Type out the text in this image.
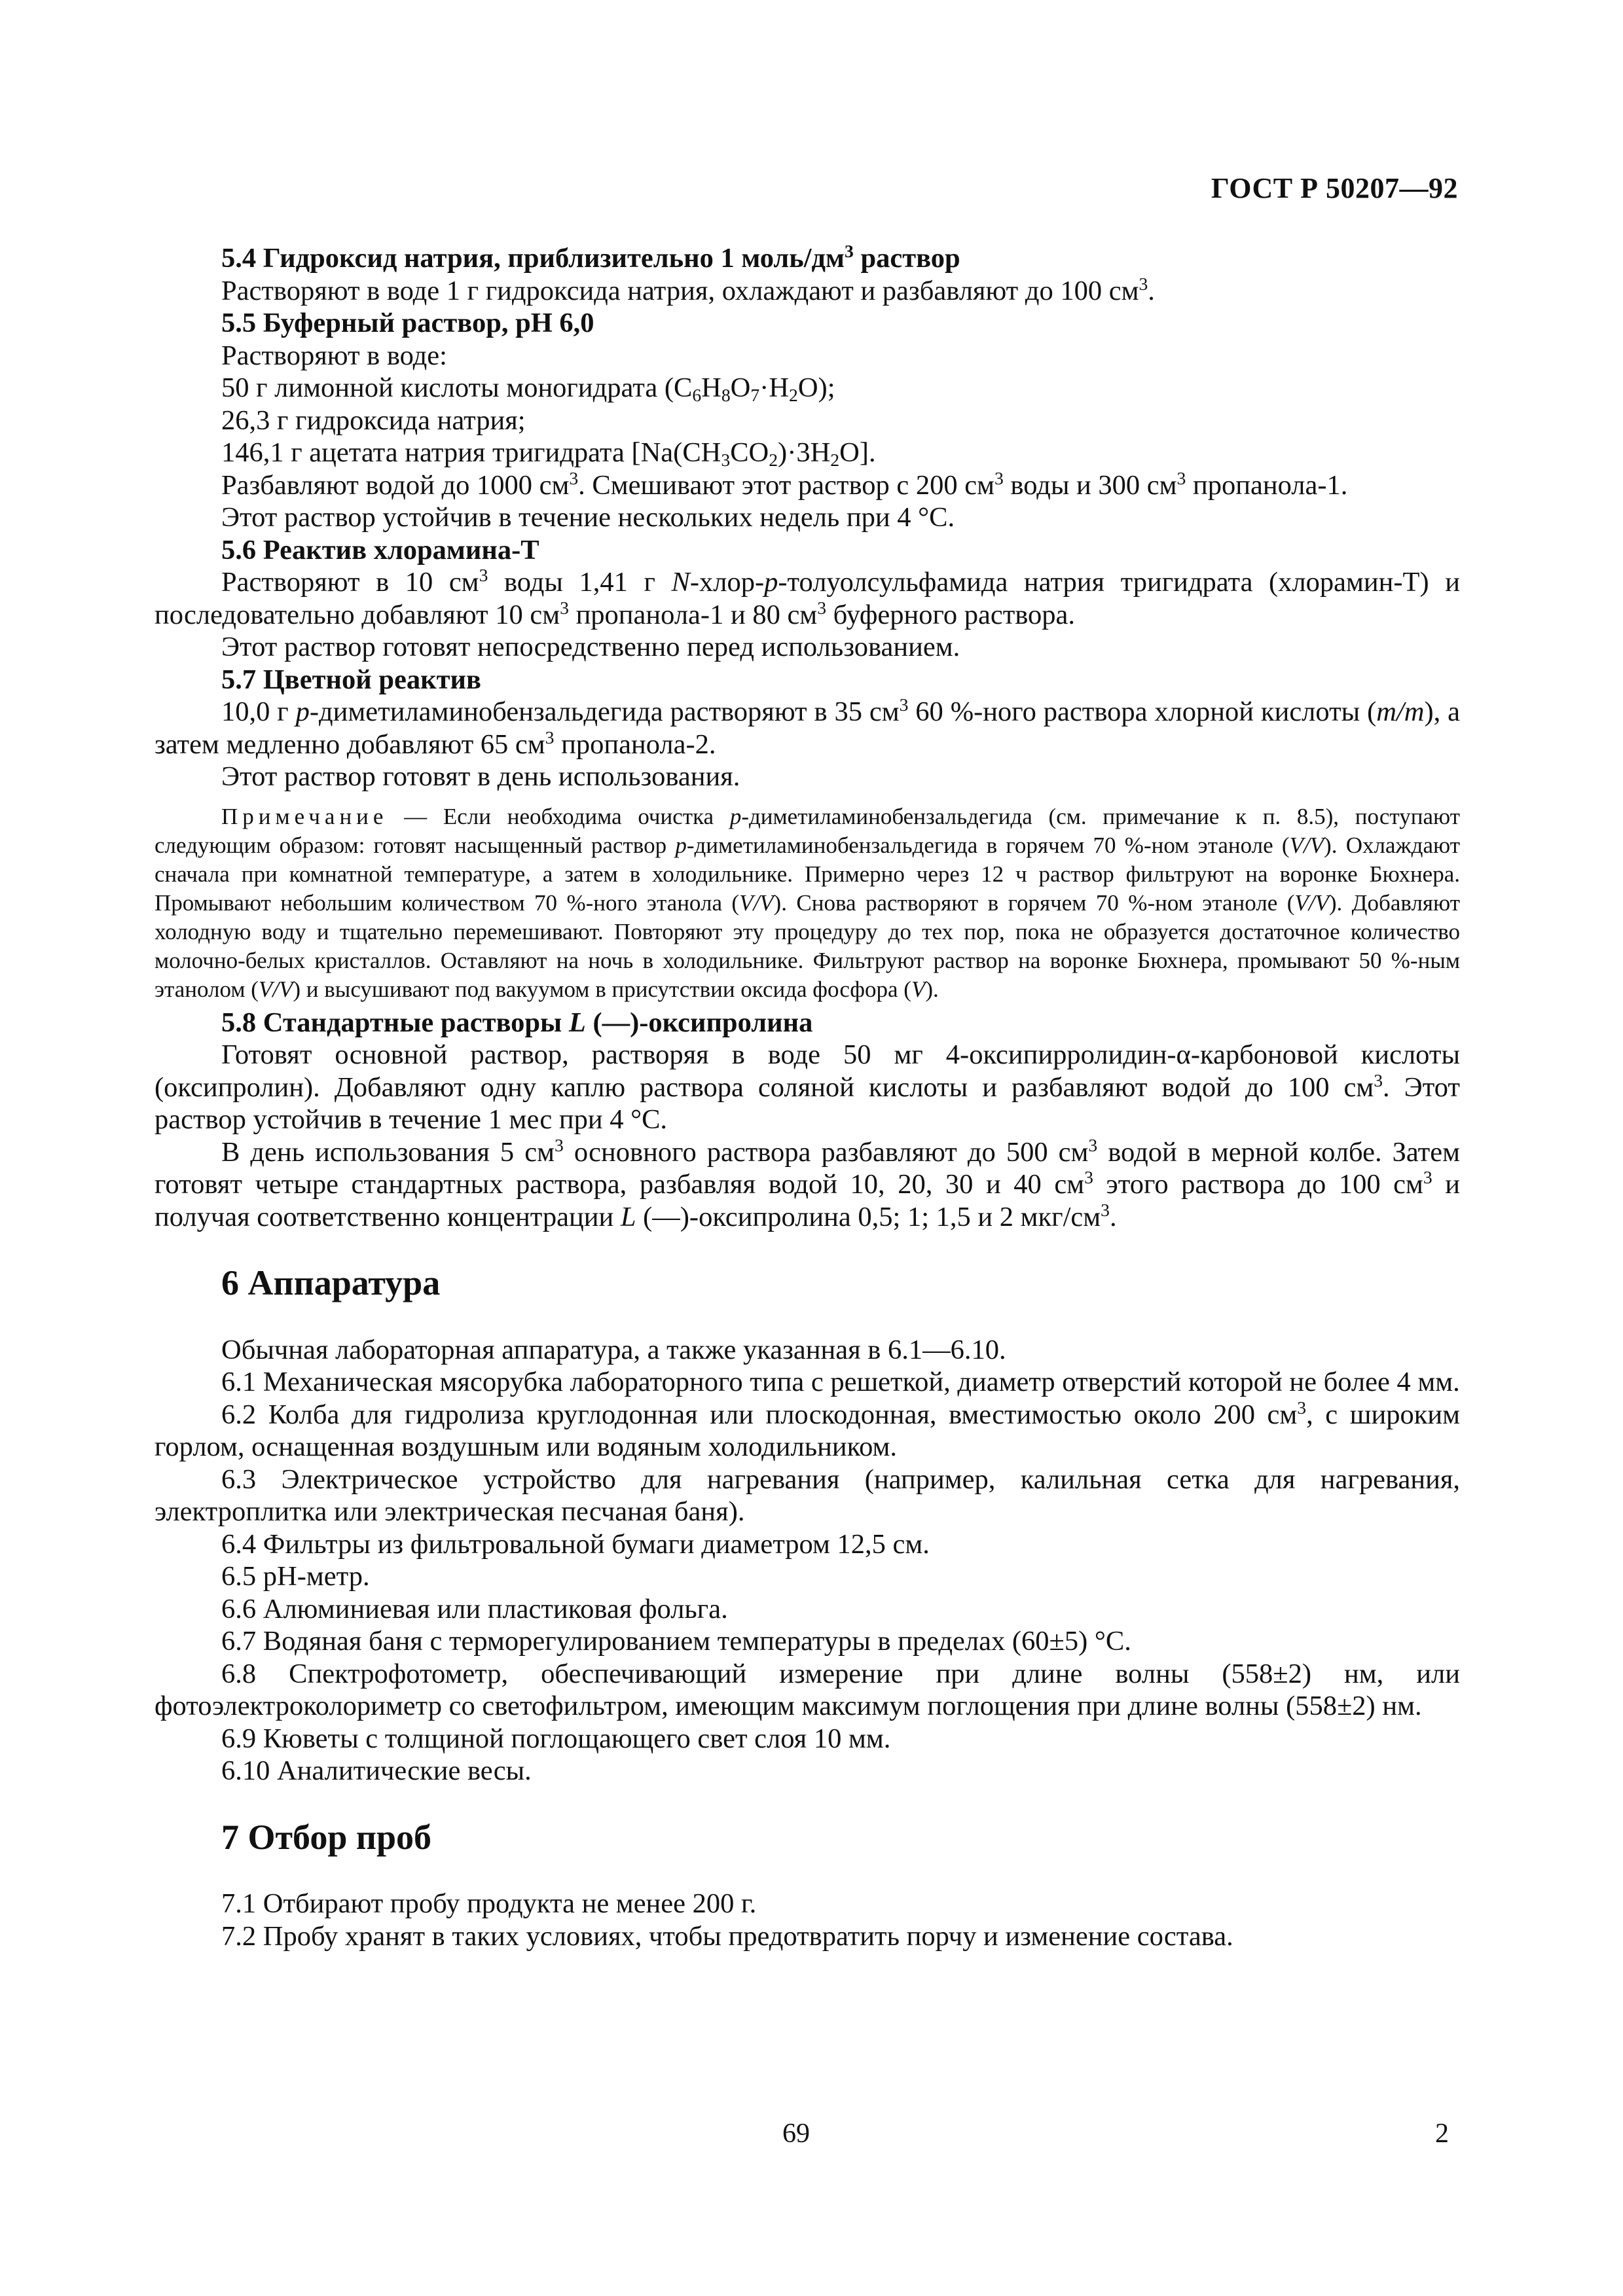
ГОСТ Р 50207—92
5.4 Гидроксид натрия, приблизительно 1 моль/$дм^3$ раствор
Растворяют в воде 1 г гидроксида натрия, охлаждают и разбавляют до 100 $см^3$.
5.5 Буферный раствор, pH 6,0
Растворяют в воде:
50 г лимонной кислоты моногидрата $(C_6H_8O_7\cdot H_2O)$;
26,3 г гидроксида натрия;
146,1 г ацетата натрия тригидрата $[Na(CH_3CO_2)\cdot 3H_2O]$.
Разбавляют водой до 1000 $см^3$. Смешивают этот раствор с 200 $см^3$ воды и 300 $см^3$ пропанола-1.
Этот раствор устойчив в течение нескольких недель при 4 °C.
5.6 Реактив хлорамина-Т
Растворяют в 10 $см^3$ воды 1,41 г N-хлор-p-толуолсульфамида натрия тригидрата (хлорамин-Т) и последовательно добавляют 10 $см^3$ пропанола-1 и 80 $см^3$ буферного раствора.
Этот раствор готовят непосредственно перед использованием.
5.7 Цветной реактив
10,0 г p-диметиламинобензальдегида растворяют в 35 $см^3$ 60 %-ного раствора хлорной кислоты (m/m), а затем медленно добавляют 65 $см^3$ пропанола-2.
Этот раствор готовят в день использования.
Примечание — Если необходима очистка p-диметиламинобензальдегида (см. примечание к п. 8.5), поступают следующим образом: готовят насыщенный раствор p-диметиламинобензальдегида в горячем 70 %-ном этаноле (V/V). Охлаждают сначала при комнатной температуре, а затем в холодильнике. Примерно через 12 ч раствор фильтруют на воронке Бюхнера. Промывают небольшим количеством 70 %-ного этанола (V/V). Снова растворяют в горячем 70 %-ном этаноле (V/V). Добавляют холодную воду и тщательно перемешивают. Повторяют эту процедуру до тех пор, пока не образуется достаточное количество молочно-белых кристаллов. Оставляют на ночь в холодильнике. Фильтруют раствор на воронке Бюхнера, промывают 50 %-ным этанолом (V/V) и высушивают под вакуумом в присутствии оксида фосфора (V).
5.8 Стандартные растворы L (—)-оксипролина
Готовят основной раствор, растворяя в воде 50 мг 4-оксипирролидин-α-карбоновой кислоты (оксипролин). Добавляют одну каплю раствора соляной кислоты и разбавляют водой до 100 $см^3$. Этот раствор устойчив в течение 1 мес при 4 °C.
В день использования 5 $см^3$ основного раствора разбавляют до 500 $см^3$ водой в мерной колбе. Затем готовят четыре стандартных раствора, разбавляя водой 10, 20, 30 и 40 $см^3$ этого раствора до 100 $см^3$ и получая соответственно концентрации L (—)-оксипролина 0,5; 1; 1,5 и 2 мкг/$см^3$.
6 Аппаратура
Обычная лабораторная аппаратура, а также указанная в 6.1—6.10.
6.1 Механическая мясорубка лабораторного типа с решеткой, диаметр отверстий которой не более 4 мм.
6.2 Колба для гидролиза круглодонная или плоскодонная, вместимостью около 200 $см^3$, с широким горлом, оснащенная воздушным или водяным холодильником.
6.3 Электрическое устройство для нагревания (например, калильная сетка для нагревания, электроплитка или электрическая песчаная баня).
6.4 Фильтры из фильтровальной бумаги диаметром 12,5 см.
6.5 pH-метр.
6.6 Алюминиевая или пластиковая фольга.
6.7 Водяная баня с терморегулированием температуры в пределах (60±5) °C.
6.8 Спектрофотометр, обеспечивающий измерение при длине волны (558±2) нм, или фотоэлектроколориметр со светофильтром, имеющим максимум поглощения при длине волны (558±2) нм.
6.9 Кюветы с толщиной поглощающего свет слоя 10 мм.
6.10 Аналитические весы.
7 Отбор проб
7.1 Отбирают пробу продукта не менее 200 г.
7.2 Пробу хранят в таких условиях, чтобы предотвратить порчу и изменение состава.
69	2
